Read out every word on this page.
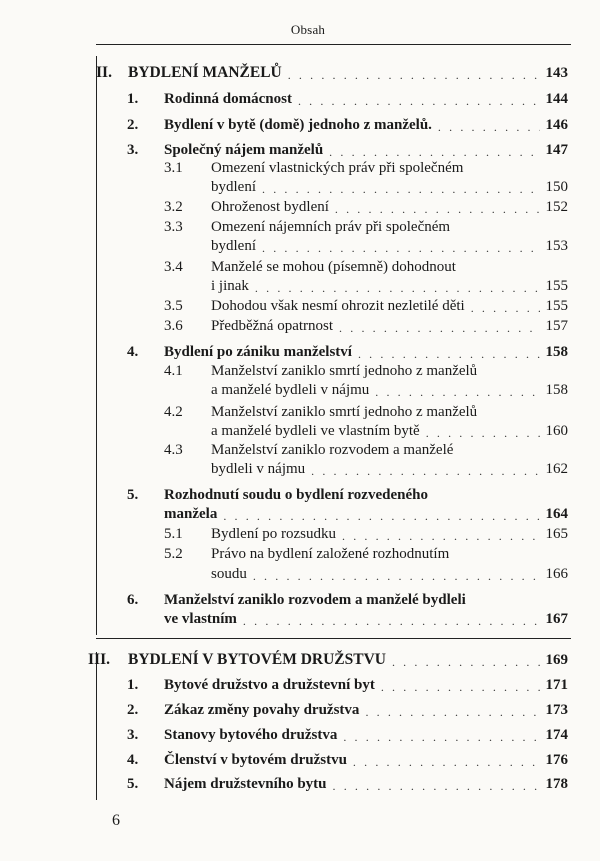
Obsah
II. BYDLENÍ MANŽELŮ . . .	143
1. Rodinná domácnost . . .	144
2. Bydlení v bytě (domě) jednoho z manželů. . . .	146
3. Společný nájem manželů . . .	147
3.1 Omezení vlastnických práv při společném
bydlení . . .	150
3.2 Ohroženost bydlení . . .	152
3.3 Omezení nájemních práv při společném
bydlení . . .	153
3.4 Manželé se mohou (písemně) dohodnout
i jinak . . .	155
3.5 Dohodou však nesmí ohrozit nezletilé děti . . .	155
3.6 Předběžná opatrnost . . .	157
4. Bydlení po zániku manželství . . .	158
4.1 Manželství zaniklo smrtí jednoho z manželů
a manželé bydleli v nájmu . . .	158
4.2 Manželství zaniklo smrtí jednoho z manželů
a manželé bydleli ve vlastním bytě . . .	160
4.3 Manželství zaniklo rozvodem a manželé
bydleli v nájmu . . .	162
5. Rozhodnutí soudu o bydlení rozvedeného
manžela . . .	164
5.1 Bydlení po rozsudku . . .	165
5.2 Právo na bydlení založené rozhodnutím
soudu . . .	166
6. Manželství zaniklo rozvodem a manželé bydleli
ve vlastním . . .	167
III. BYDLENÍ V BYTOVÉM DRUŽSTVU . . .	169
1. Bytové družstvo a družstevní byt . . .	171
2. Zákaz změny povahy družstva . . .	173
3. Stanovy bytového družstva . . .	174
4. Členství v bytovém družstvu . . .	176
5. Nájem družstevního bytu . . .	178
6
